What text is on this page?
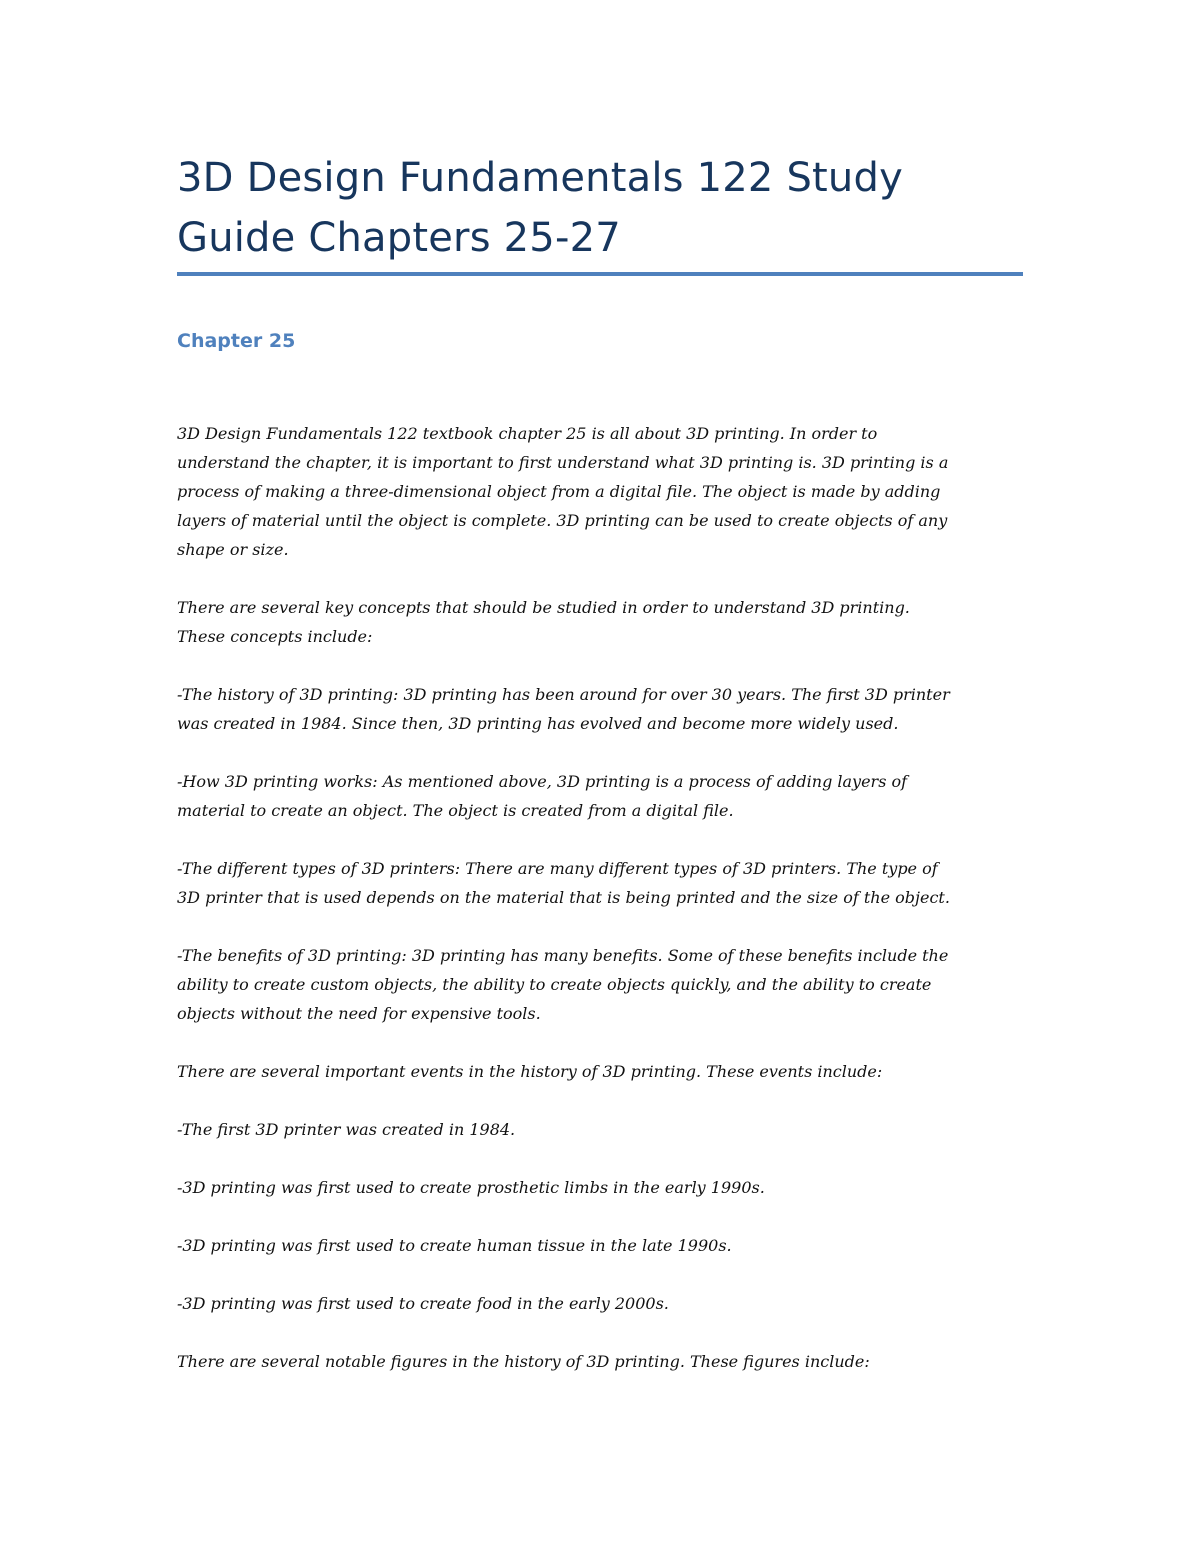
3D Design Fundamentals 122 Study
Guide Chapters 25-27
Chapter 25
3D Design Fundamentals 122 textbook chapter 25 is all about 3D printing. In order to
understand the chapter, it is important to first understand what 3D printing is. 3D printing is a
process of making a three-dimensional object from a digital file. The object is made by adding
layers of material until the object is complete. 3D printing can be used to create objects of any
shape or size.
There are several key concepts that should be studied in order to understand 3D printing.
These concepts include:
-The history of 3D printing: 3D printing has been around for over 30 years. The first 3D printer
was created in 1984. Since then, 3D printing has evolved and become more widely used.
-How 3D printing works: As mentioned above, 3D printing is a process of adding layers of
material to create an object. The object is created from a digital file.
-The different types of 3D printers: There are many different types of 3D printers. The type of
3D printer that is used depends on the material that is being printed and the size of the object.
-The benefits of 3D printing: 3D printing has many benefits. Some of these benefits include the
ability to create custom objects, the ability to create objects quickly, and the ability to create
objects without the need for expensive tools.
There are several important events in the history of 3D printing. These events include:
-The first 3D printer was created in 1984.
-3D printing was first used to create prosthetic limbs in the early 1990s.
-3D printing was first used to create human tissue in the late 1990s.
-3D printing was first used to create food in the early 2000s.
There are several notable figures in the history of 3D printing. These figures include:
